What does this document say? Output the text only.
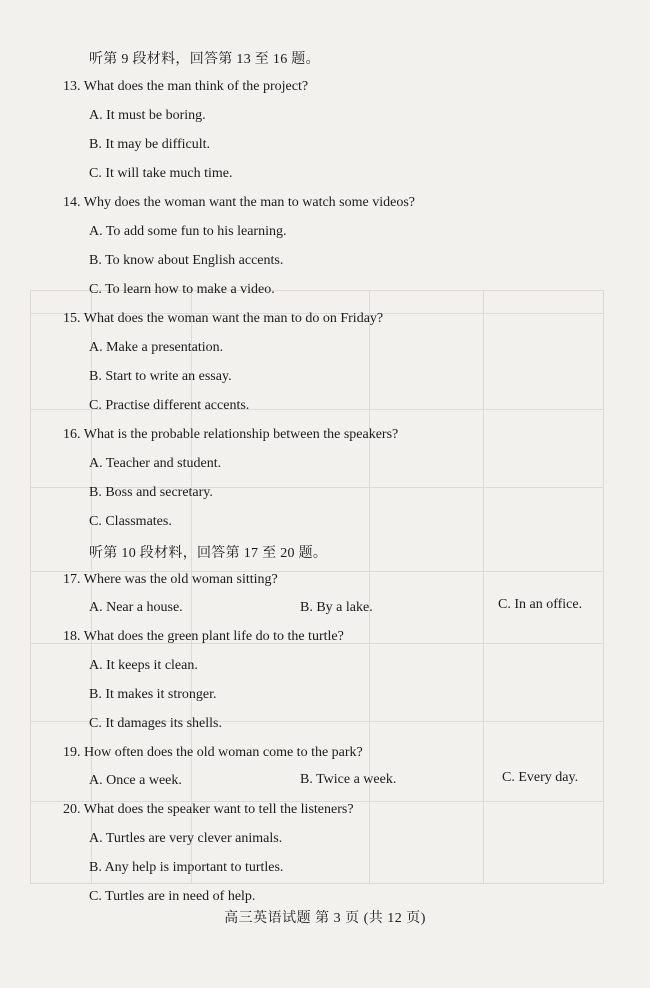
听第 9 段材料，回答第 13 至 16 题。
13. What does the man think of the project?
A. It must be boring.
B. It may be difficult.
C. It will take much time.
14. Why does the woman want the man to watch some videos?
A. To add some fun to his learning.
B. To know about English accents.
C. To learn how to make a video.
15. What does the woman want the man to do on Friday?
A. Make a presentation.
B. Start to write an essay.
C. Practise different accents.
16. What is the probable relationship between the speakers?
A. Teacher and student.
B. Boss and secretary.
C. Classmates.
听第 10 段材料，回答第 17 至 20 题。
17. Where was the old woman sitting?
A. Near a house.	B. By a lake.	C. In an office.
18. What does the green plant life do to the turtle?
A. It keeps it clean.
B. It makes it stronger.
C. It damages its shells.
19. How often does the old woman come to the park?
A. Once a week.	B. Twice a week.	C. Every day.
20. What does the speaker want to tell the listeners?
A. Turtles are very clever animals.
B. Any help is important to turtles.
C. Turtles are in need of help.
高三英语试题 第 3 页 (共 12 页)
